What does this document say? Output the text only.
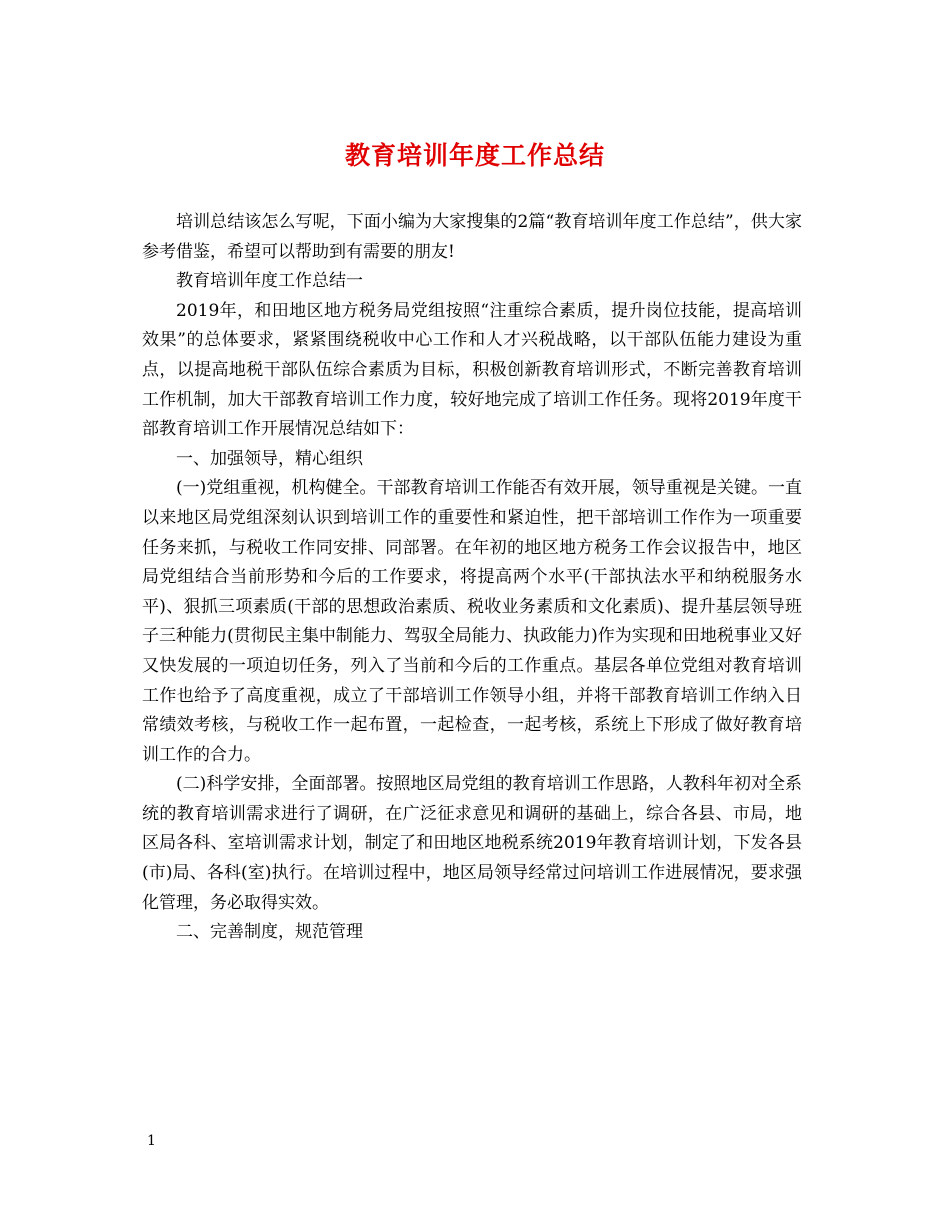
教育培训年度工作总结

培训总结该怎么写呢，下面小编为大家搜集的2篇“教育培训年度工作总结”，供大家参考借鉴，希望可以帮助到有需要的朋友!

教育培训年度工作总结一

2019年，和田地区地方税务局党组按照“注重综合素质，提升岗位技能，提高培训效果”的总体要求，紧紧围绕税收中心工作和人才兴税战略，以干部队伍能力建设为重点，以提高地税干部队伍综合素质为目标，积极创新教育培训形式，不断完善教育培训工作机制，加大干部教育培训工作力度，较好地完成了培训工作任务。现将2019年度干部教育培训工作开展情况总结如下：

一、加强领导，精心组织

(一)党组重视，机构健全。干部教育培训工作能否有效开展，领导重视是关键。一直以来地区局党组深刻认识到培训工作的重要性和紧迫性，把干部培训工作作为一项重要任务来抓，与税收工作同安排、同部署。在年初的地区地方税务工作会议报告中，地区局党组结合当前形势和今后的工作要求，将提高两个水平(干部执法水平和纳税服务水平)、狠抓三项素质(干部的思想政治素质、税收业务素质和文化素质)、提升基层领导班子三种能力(贯彻民主集中制能力、驾驭全局能力、执政能力)作为实现和田地税事业又好又快发展的一项迫切任务，列入了当前和今后的工作重点。基层各单位党组对教育培训工作也给予了高度重视，成立了干部培训工作领导小组，并将干部教育培训工作纳入日常绩效考核，与税收工作一起布置，一起检查，一起考核，系统上下形成了做好教育培训工作的合力。

(二)科学安排，全面部署。按照地区局党组的教育培训工作思路，人教科年初对全系统的教育培训需求进行了调研，在广泛征求意见和调研的基础上，综合各县、市局，地区局各科、室培训需求计划，制定了和田地区地税系统2019年教育培训计划，下发各县(市)局、各科(室)执行。在培训过程中，地区局领导经常过问培训工作进展情况，要求强化管理，务必取得实效。

二、完善制度，规范管理

1
